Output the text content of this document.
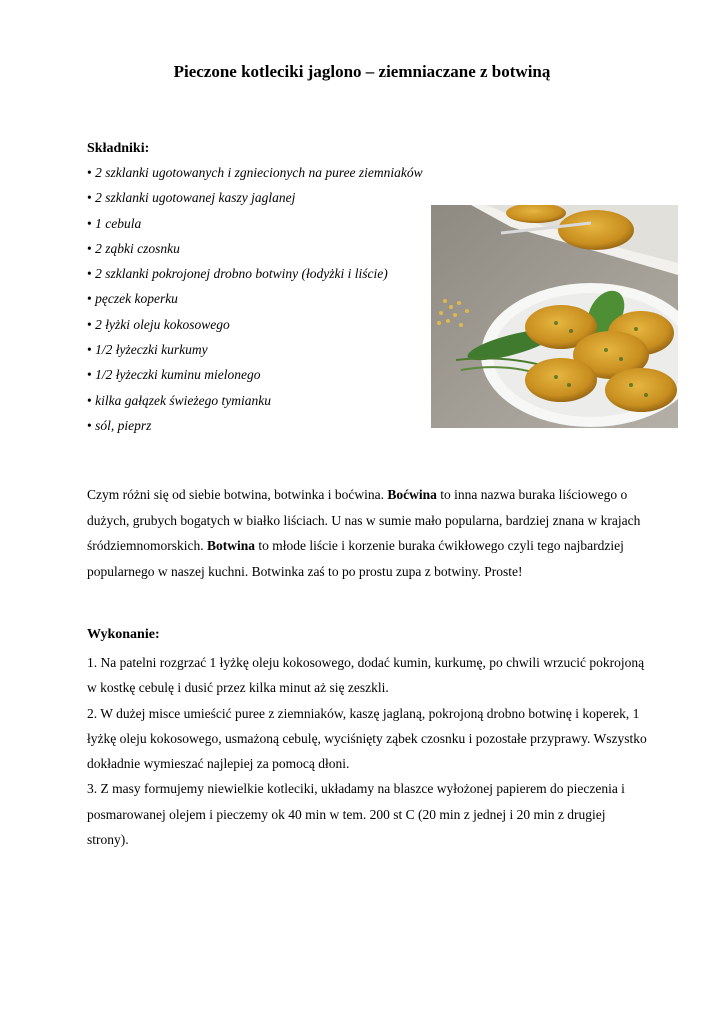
Pieczone kotleciki jaglono – ziemniaczane z botwiną
Składniki:
• 2 szklanki ugotowanych i zgniecionych na puree ziemniaków
• 2 szklanki ugotowanej kaszy jaglanej
• 1 cebula
• 2 ząbki czosnku
• 2 szklanki pokrojonej drobno botwiny (łodyżki i liście)
• pęczek koperku
• 2 łyżki oleju kokosowego
• 1/2 łyżeczki kurkumy
• 1/2 łyżeczki kuminu mielonego
• kilka gałązek świeżego tymianku
• sól, pieprz

Czym różni się od siebie botwina, botwinka i boćwina. Boćwina to inna nazwa buraka liściowego o dużych, grubych bogatych w białko liściach. U nas w sumie mało popularna, bardziej znana w krajach śródziemnomorskich. Botwina to młode liście i korzenie buraka ćwikłowego czyli tego najbardziej popularnego w naszej kuchni. Botwinka zaś to po prostu zupa z botwiny. Proste!

Wykonanie:

1. Na patelni rozgrzać 1 łyżkę oleju kokosowego, dodać kumin, kurkumę, po chwili wrzucić pokrojoną w kostkę cebulę i dusić przez kilka minut aż się zeszkli.

2. W dużej misce umieścić puree z ziemniaków, kaszę jaglaną, pokrojoną drobno botwinę i koperek, 1 łyżkę oleju kokosowego, usmażoną cebulę, wyciśnięty ząbek czosnku i pozostałe przyprawy. Wszystko dokładnie wymieszać najlepiej za pomocą dłoni.

3. Z masy formujemy niewielkie kotleciki, układamy na blaszce wyłożonej papierem do pieczenia i posmarowanej olejem i pieczemy ok 40 min w tem. 200 st C (20 min z jednej i 20 min z drugiej strony).
